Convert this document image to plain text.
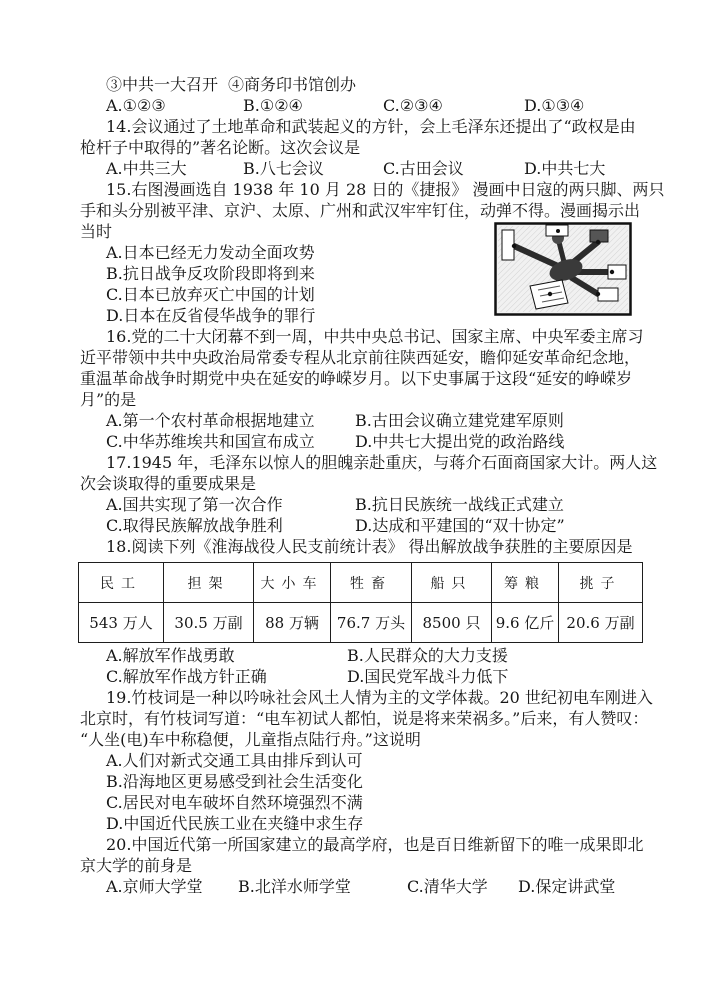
③中共一大召开 ④商务印书馆创办
A.①②③	B.①②④	C.②③④	D.①③④
14.会议通过了土地革命和武装起义的方针，会上毛泽东还提出了“政权是由
枪杆子中取得的”著名论断。这次会议是
A.中共三大	B.八七会议	C.古田会议	D.中共七大
15.右图漫画选自 1938 年 10 月 28 日的《捷报》 漫画中日寇的两只脚、两只
手和头分别被平津、京沪、太原、广州和武汉牢牢钉住，动弹不得。漫画揭示出
当时
A.日本已经无力发动全面攻势
B.抗日战争反攻阶段即将到来
C.日本已放弃灭亡中国的计划
D.日本在反省侵华战争的罪行
16.党的二十大闭幕不到一周，中共中央总书记、国家主席、中央军委主席习
近平带领中共中央政治局常委专程从北京前往陕西延安，瞻仰延安革命纪念地，
重温革命战争时期党中央在延安的峥嵘岁月。以下史事属于这段“延安的峥嵘岁
月”的是
A.第一个农村革命根据地建立	B.古田会议确立建党建军原则
C.中华苏维埃共和国宣布成立	D.中共七大提出党的政治路线
17.1945 年，毛泽东以惊人的胆魄亲赴重庆，与蒋介石面商国家大计。两人这
次会谈取得的重要成果是
A.国共实现了第一次合作	B.抗日民族统一战线正式建立
C.取得民族解放战争胜利	D.达成和平建国的“双十协定”
18.阅读下列《淮海战役人民支前统计表》 得出解放战争获胜的主要原因是
民工	担架	大小车	牲畜	船只	筹粮	挑子
543 万人	30.5 万副	88 万辆	76.7 万头	8500 只	9.6 亿斤	20.6 万副
A.解放军作战勇敢	B.人民群众的大力支援
C.解放军作战方针正确	D.国民党军战斗力低下
19.竹枝词是一种以吟咏社会风土人情为主的文学体裁。20 世纪初电车刚进入
北京时，有竹枝词写道：“电车初试人都怕，说是将来荣祸多。”后来，有人赞叹：
“人坐(电)车中称稳便，儿童指点陆行舟。”这说明
A.人们对新式交通工具由排斥到认可
B.沿海地区更易感受到社会生活变化
C.居民对电车破坏自然环境强烈不满
D.中国近代民族工业在夹缝中求生存
20.中国近代第一所国家建立的最高学府，也是百日维新留下的唯一成果即北
京大学的前身是
A.京师大学堂 B.北洋水师学堂	C.清华大学 D.保定讲武堂
